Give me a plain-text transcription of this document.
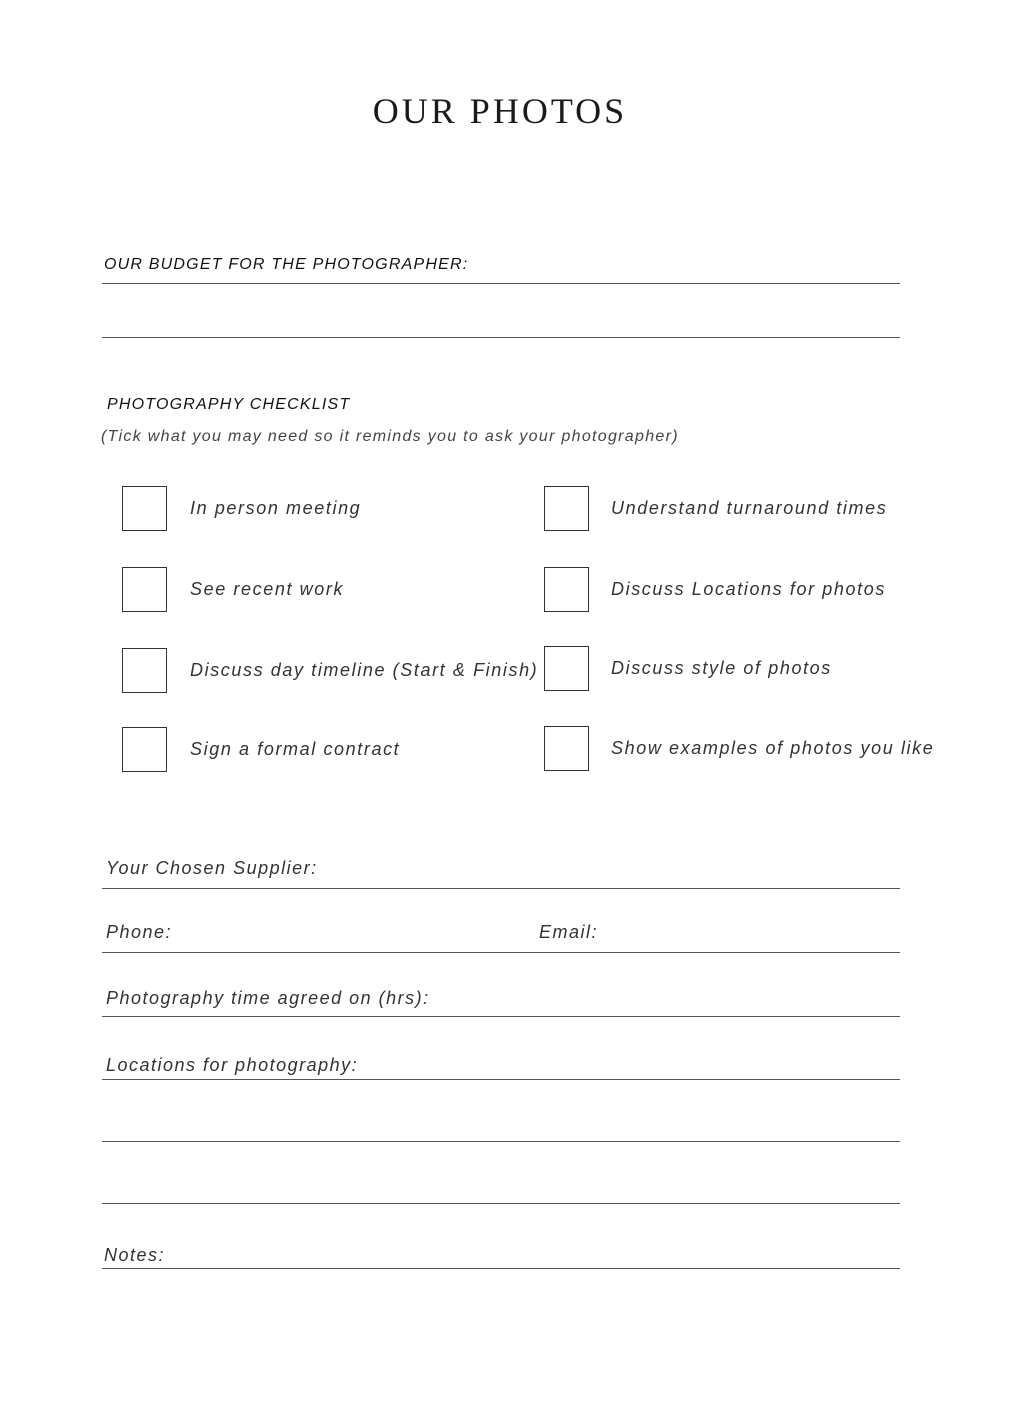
OUR PHOTOS
OUR BUDGET FOR THE PHOTOGRAPHER:
PHOTOGRAPHY CHECKLIST
(Tick what you may need so it reminds you to ask your photographer)
In person meeting
See recent work
Discuss day timeline (Start & Finish)
Sign a formal contract
Understand turnaround times
Discuss Locations for photos
Discuss style of photos
Show examples of photos you like
Your Chosen Supplier:
Phone:	Email:
Photography time agreed on (hrs):
Locations for photography:
Notes:
